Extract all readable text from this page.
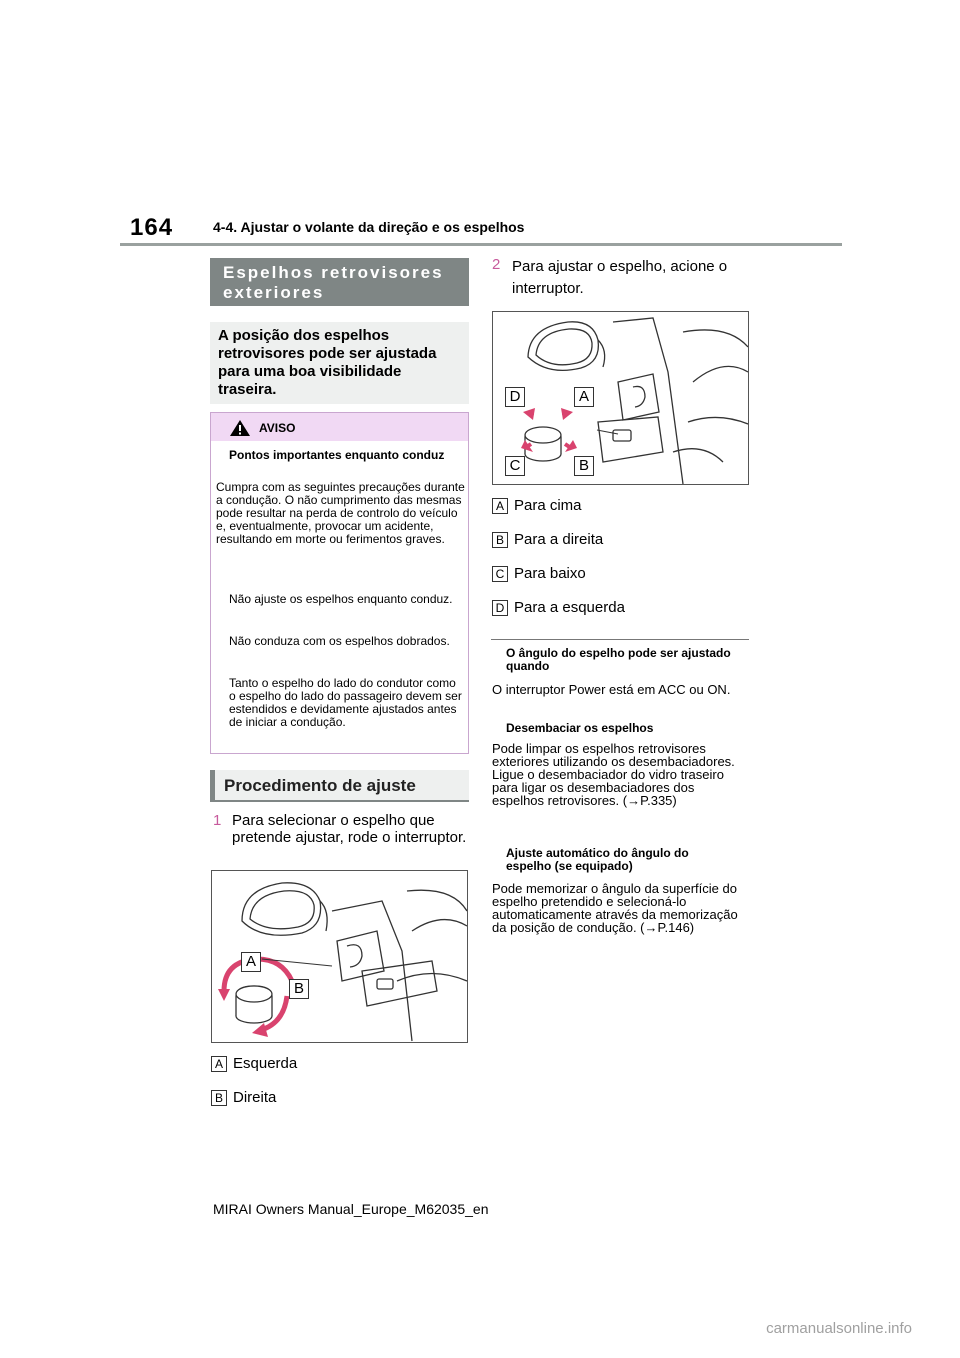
164	4-4. Ajustar o volante da direção e os espelhos
Espelhos retrovisores exteriores
A posição dos espelhos retrovisores pode ser ajustada para uma boa visibilidade traseira.
AVISO
Pontos importantes enquanto conduz
Cumpra com as seguintes precauções durante a condução. O não cumprimento das mesmas pode resultar na perda de controlo do veículo e, eventualmente, provocar um acidente, resultando em morte ou ferimentos graves.
Não ajuste os espelhos enquanto conduz.
Não conduza com os espelhos dobrados.
Tanto o espelho do lado do condutor como o espelho do lado do passageiro devem ser estendidos e devidamente ajustados antes de iniciar a condução.
Procedimento de ajuste
1 Para selecionar o espelho que pretende ajustar, rode o interruptor.
A
B
A Esquerda
B Direita
2 Para ajustar o espelho, acione o interruptor.
D	A
C	B
A Para cima
B Para a direita
C Para baixo
D Para a esquerda
O ângulo do espelho pode ser ajustado quando
O interruptor Power está em ACC ou ON.
Desembaciar os espelhos
Pode limpar os espelhos retrovisores exteriores utilizando os desembaciadores. Ligue o desembaciador do vidro traseiro para ligar os desembaciadores dos espelhos retrovisores. (→P.335)
Ajuste automático do ângulo do espelho (se equipado)
Pode memorizar o ângulo da superfície do espelho pretendido e selecioná-lo automaticamente através da memorização da posição de condução. (→P.146)
MIRAI Owners Manual_Europe_M62035_en
carmanualsonline.info
